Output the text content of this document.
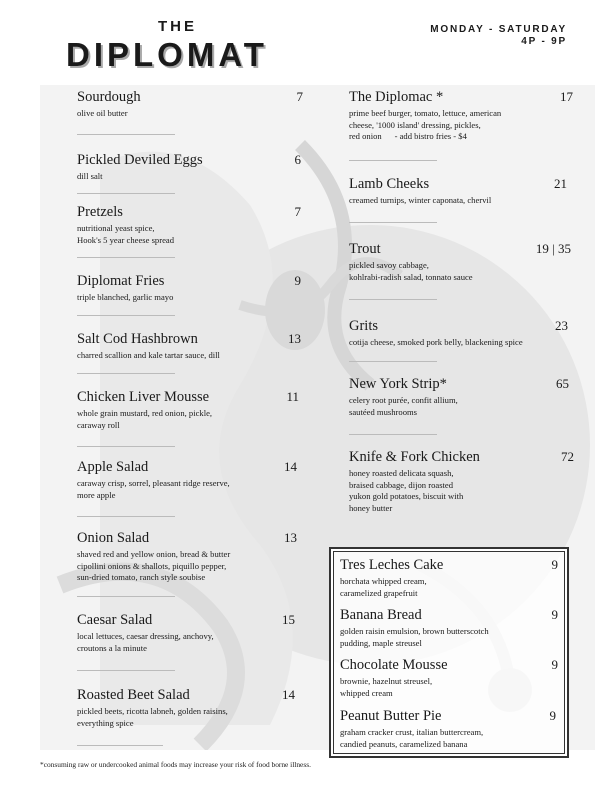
THE
DIPLOMAT
MONDAY - SATURDAY
4P - 9P
Sourdough	7
olive oil butter
Pickled Deviled Eggs	6
dill salt
Pretzels	7
nutritional yeast spice,
Hook's 5 year cheese spread
Diplomat Fries	9
triple blanched, garlic mayo
Salt Cod Hashbrown	13
charred scallion and kale tartar sauce, dill
Chicken Liver Mousse	11
whole grain mustard, red onion, pickle,
caraway roll
Apple Salad	14
caraway crisp, sorrel, pleasant ridge reserve,
more apple
Onion Salad	13
shaved red and yellow onion, bread & butter
cipollini onions & shallots, piquillo pepper,
sun-dried tomato, ranch style soubise
Caesar Salad	15
local lettuces, caesar dressing, anchovy,
croutons a la minute
Roasted Beet Salad	14
pickled beets, ricotta labneh, golden raisins,
everything spice
The Diplomac *	17
prime beef burger, tomato, lettuce, american
cheese, '1000 island' dressing, pickles,
red onion      - add bistro fries - $4
Lamb Cheeks	21
creamed turnips, winter caponata, chervil
Trout	19 | 35
pickled savoy cabbage,
kohlrabi-radish salad, tonnato sauce
Grits	23
cotija cheese, smoked pork belly, blackening spice
New York Strip*	65
celery root purée, confit allium,
sautéed mushrooms
Knife & Fork Chicken	72
honey roasted delicata squash,
braised cabbage, dijon roasted
yukon gold potatoes, biscuit with
honey butter
Tres Leches Cake	9
horchata whipped cream,
caramelized grapefruit
Banana Bread	9
golden raisin emulsion, brown butterscotch
pudding, maple streusel
Chocolate Mousse	9
brownie, hazelnut streusel,
whipped cream
Peanut Butter Pie	9
graham cracker crust, italian buttercream,
candied peanuts, caramelized banana
*consuming raw or undercooked animal foods may increase your risk of food borne illness.
